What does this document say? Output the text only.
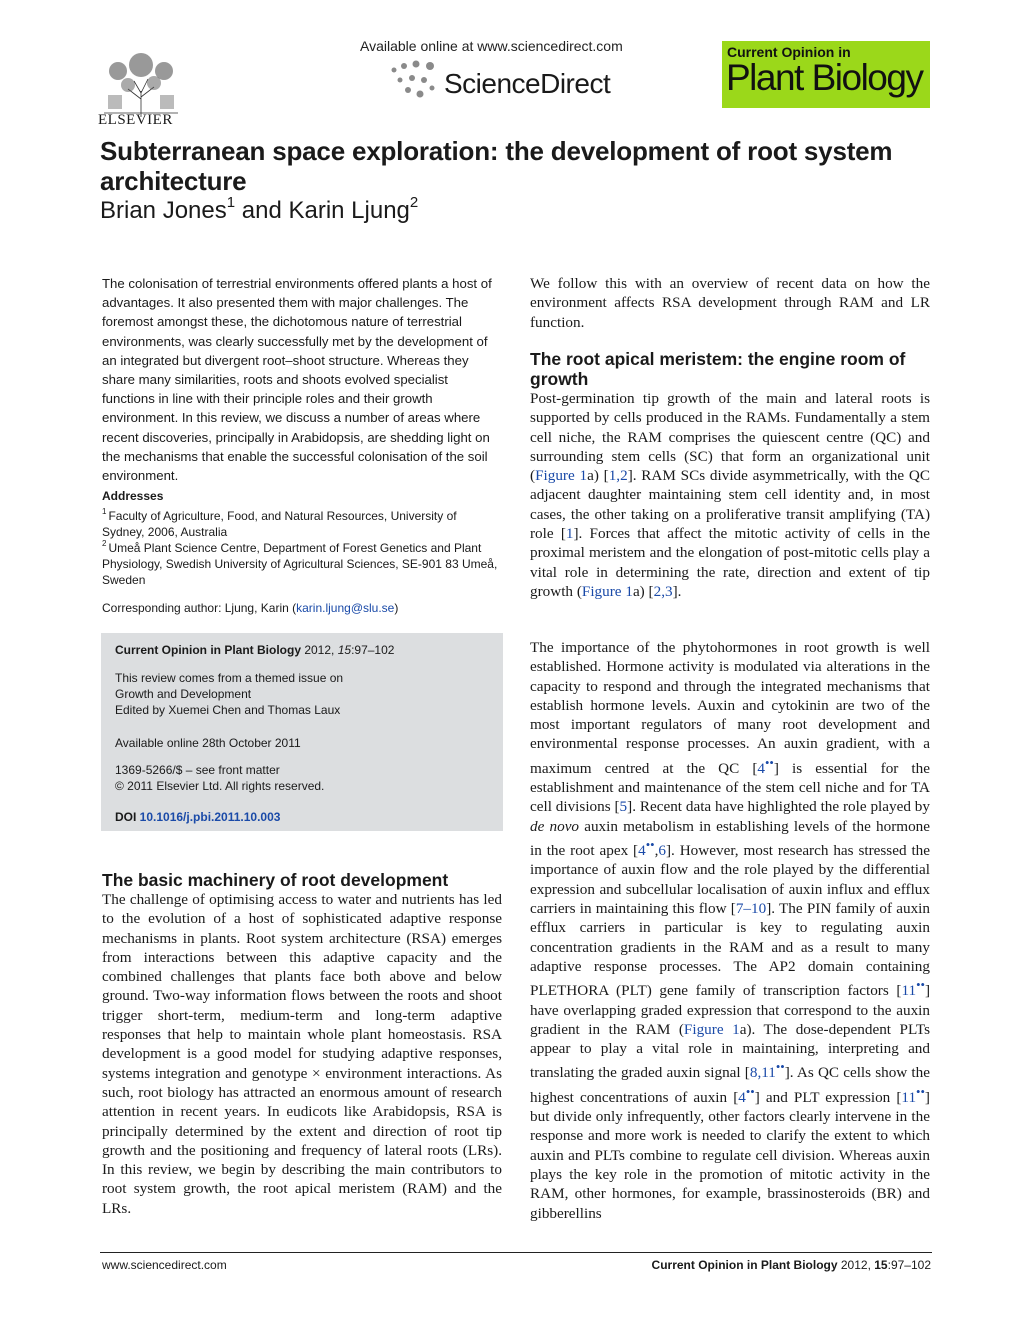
ELSEVIER
Available online at www.sciencedirect.com
ScienceDirect
Current Opinion in
Plant Biology
Subterranean space exploration: the development of root system architecture
Brian Jones$^1$ and Karin Ljung$^2$
The colonisation of terrestrial environments offered plants a host of advantages. It also presented them with major challenges. The foremost amongst these, the dichotomous nature of terrestrial environments, was clearly successfully met by the development of an integrated but divergent root–shoot structure. Whereas they share many similarities, roots and shoots evolved specialist functions in line with their principle roles and their growth environment. In this review, we discuss a number of areas where recent discoveries, principally in Arabidopsis, are shedding light on the mechanisms that enable the successful colonisation of the soil environment.
Addresses
$^1$ Faculty of Agriculture, Food, and Natural Resources, University of Sydney, 2006, Australia
$^2$ Umeå Plant Science Centre, Department of Forest Genetics and Plant Physiology, Swedish University of Agricultural Sciences, SE-901 83 Umeå, Sweden
Corresponding author: Ljung, Karin (karin.ljung@slu.se)
Current Opinion in Plant Biology 2012, 15:97–102
This review comes from a themed issue on
Growth and Development
Edited by Xuemei Chen and Thomas Laux
Available online 28th October 2011
1369-5266/$ – see front matter
© 2011 Elsevier Ltd. All rights reserved.
DOI 10.1016/j.pbi.2011.10.003
The basic machinery of root development
The challenge of optimising access to water and nutrients has led to the evolution of a host of sophisticated adaptive response mechanisms in plants. Root system architecture (RSA) emerges from interactions between this adaptive capacity and the combined challenges that plants face both above and below ground. Two-way information flows between the roots and shoot trigger short-term, medium-term and long-term adaptive responses that help to maintain whole plant homeostasis. RSA development is a good model for studying adaptive responses, systems integration and genotype × environment interactions. As such, root biology has attracted an enormous amount of research attention in recent years. In eudicots like Arabidopsis, RSA is principally determined by the extent and direction of root tip growth and the positioning and frequency of lateral roots (LRs). In this review, we begin by describing the main contributors to root system growth, the root apical meristem (RAM) and the LRs.
We follow this with an overview of recent data on how the environment affects RSA development through RAM and LR function.
The root apical meristem: the engine room of growth
Post-germination tip growth of the main and lateral roots is supported by cells produced in the RAMs. Fundamentally a stem cell niche, the RAM comprises the quiescent centre (QC) and surrounding stem cells (SC) that form an organizational unit (Figure 1a) [1,2]. RAM SCs divide asymmetrically, with the QC adjacent daughter maintaining stem cell identity and, in most cases, the other taking on a proliferative transit amplifying (TA) role [1]. Forces that affect the mitotic activity of cells in the proximal meristem and the elongation of post-mitotic cells play a vital role in determining the rate, direction and extent of tip growth (Figure 1a) [2,3].
The importance of the phytohormones in root growth is well established. Hormone activity is modulated via alterations in the capacity to respond and through the integrated mechanisms that establish hormone levels. Auxin and cytokinin are two of the most important regulators of many root development and environmental response processes. An auxin gradient, with a maximum centred at the QC [4••] is essential for the establishment and maintenance of the stem cell niche and for TA cell divisions [5]. Recent data have highlighted the role played by de novo auxin metabolism in establishing levels of the hormone in the root apex [4••,6]. However, most research has stressed the importance of auxin flow and the role played by the differential expression and subcellular localisation of auxin influx and efflux carriers in maintaining this flow [7–10]. The PIN family of auxin efflux carriers in particular is key to regulating auxin concentration gradients in the RAM and as a result to many adaptive response processes. The AP2 domain containing PLETHORA (PLT) gene family of transcription factors [11••] have overlapping graded expression that correspond to the auxin gradient in the RAM (Figure 1a). The dose-dependent PLTs appear to play a vital role in maintaining, interpreting and translating the graded auxin signal [8,11••]. As QC cells show the highest concentrations of auxin [4••] and PLT expression [11••] but divide only infrequently, other factors clearly intervene in the response and more work is needed to clarify the extent to which auxin and PLTs combine to regulate cell division. Whereas auxin plays the key role in the promotion of mitotic activity in the RAM, other hormones, for example, brassinosteroids (BR) and gibberellins
www.sciencedirect.com	Current Opinion in Plant Biology 2012, 15:97–102
